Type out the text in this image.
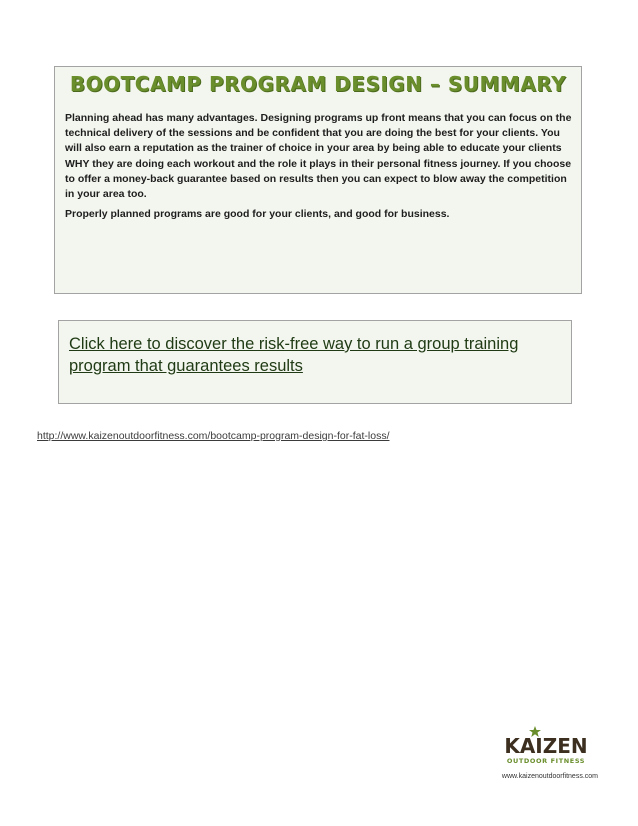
BOOTCAMP PROGRAM DESIGN – SUMMARY

Planning ahead has many advantages. Designing programs up front means that you can focus on the technical delivery of the sessions and be confident that you are doing the best for your clients. You will also earn a reputation as the trainer of choice in your area by being able to educate your clients WHY they are doing each workout and the role it plays in their personal fitness journey. If you choose to offer a money-back guarantee based on results then you can expect to blow away the competition in your area too.

Properly planned programs are good for your clients, and good for business.

Click here to discover the risk-free way to run a group training program that guarantees results
http://www.kaizenoutdoorfitness.com/bootcamp-program-design-for-fat-loss/
KAIZEN
OUTDOOR FITNESS
www.kaizenoutdoorfitness.com
